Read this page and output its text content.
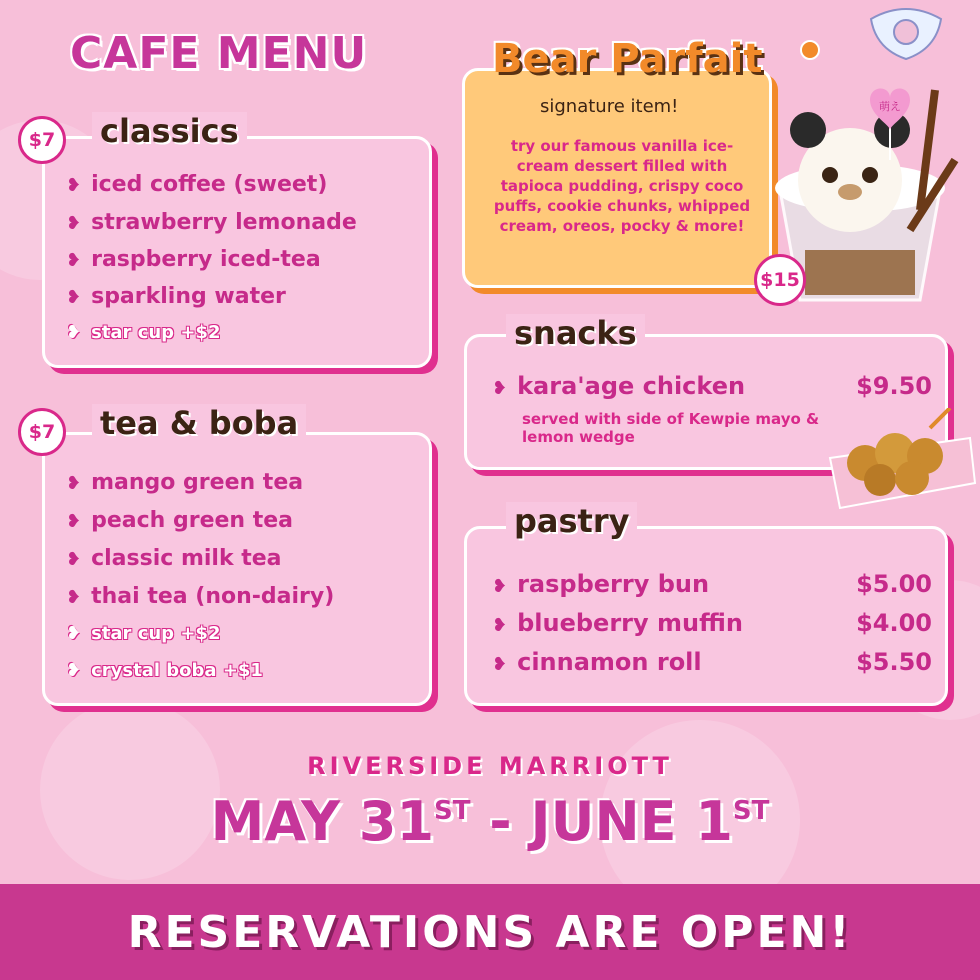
CAFE MENU
$7	classics
❥ iced coffee (sweet)
❥ strawberry lemonade
❥ raspberry iced-tea
❥ sparkling water
❥ star cup +$2
$7	tea & boba
❥ mango green tea
❥ peach green tea
❥ classic milk tea
❥ thai tea (non-dairy)
❥ star cup +$2
❥ crystal boba +$1
Bear Parfait
signature item!
try our famous vanilla ice-cream dessert filled with tapioca pudding, crispy coco puffs, cookie chunks, whipped cream, oreos, pocky & more!
萌え
$15
snacks
❥ kara'age chicken	$9.50
served with side of Kewpie mayo & lemon wedge
pastry
❥ raspberry bun	$5.00
❥ blueberry muffin	$4.00
❥ cinnamon roll	$5.50
RIVERSIDE MARRIOTT
MAY 31ST - JUNE 1ST
RESERVATIONS ARE OPEN!
